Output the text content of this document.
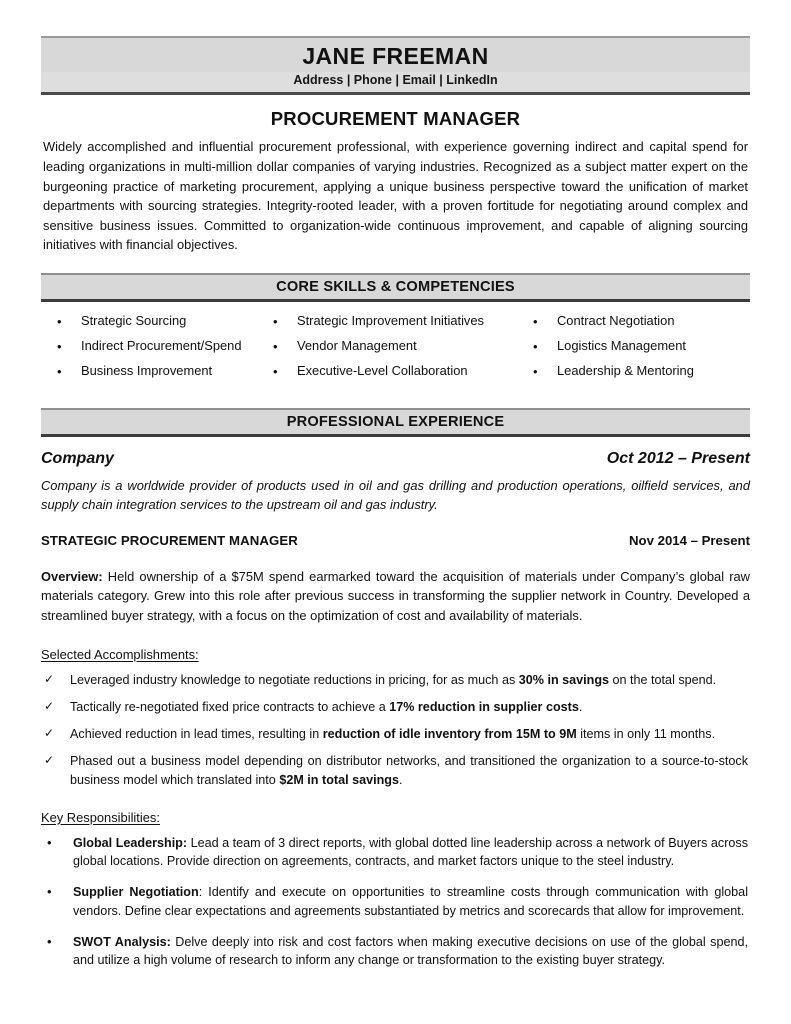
JANE FREEMAN
Address | Phone | Email | LinkedIn
PROCUREMENT MANAGER
Widely accomplished and influential procurement professional, with experience governing indirect and capital spend for leading organizations in multi-million dollar companies of varying industries. Recognized as a subject matter expert on the burgeoning practice of marketing procurement, applying a unique business perspective toward the unification of market departments with sourcing strategies. Integrity-rooted leader, with a proven fortitude for negotiating around complex and sensitive business issues. Committed to organization-wide continuous improvement, and capable of aligning sourcing initiatives with financial objectives.
CORE SKILLS & COMPETENCIES
•	Strategic Sourcing
•	Indirect Procurement/Spend
•	Business Improvement
•	Strategic Improvement Initiatives
•	Vendor Management
•	Executive-Level Collaboration
•	Contract Negotiation
•	Logistics Management
•	Leadership & Mentoring
PROFESSIONAL EXPERIENCE
Company	Oct 2012 – Present
Company is a worldwide provider of products used in oil and gas drilling and production operations, oilfield services, and supply chain integration services to the upstream oil and gas industry.
STRATEGIC PROCUREMENT MANAGER	Nov 2014 – Present
Overview: Held ownership of a $75M spend earmarked toward the acquisition of materials under Company’s global raw materials category. Grew into this role after previous success in transforming the supplier network in Country. Developed a streamlined buyer strategy, with a focus on the optimization of cost and availability of materials.
Selected Accomplishments:
✓	Leveraged industry knowledge to negotiate reductions in pricing, for as much as 30% in savings on the total spend.
✓	Tactically re-negotiated fixed price contracts to achieve a 17% reduction in supplier costs.
✓	Achieved reduction in lead times, resulting in reduction of idle inventory from 15M to 9M items in only 11 months.
✓	Phased out a business model depending on distributor networks, and transitioned the organization to a source-to-stock business model which translated into $2M in total savings.
Key Responsibilities:
•	Global Leadership: Lead a team of 3 direct reports, with global dotted line leadership across a network of Buyers across global locations. Provide direction on agreements, contracts, and market factors unique to the steel industry.
•	Supplier Negotiation: Identify and execute on opportunities to streamline costs through communication with global vendors. Define clear expectations and agreements substantiated by metrics and scorecards that allow for improvement.
•	SWOT Analysis: Delve deeply into risk and cost factors when making executive decisions on use of the global spend, and utilize a high volume of research to inform any change or transformation to the existing buyer strategy.
